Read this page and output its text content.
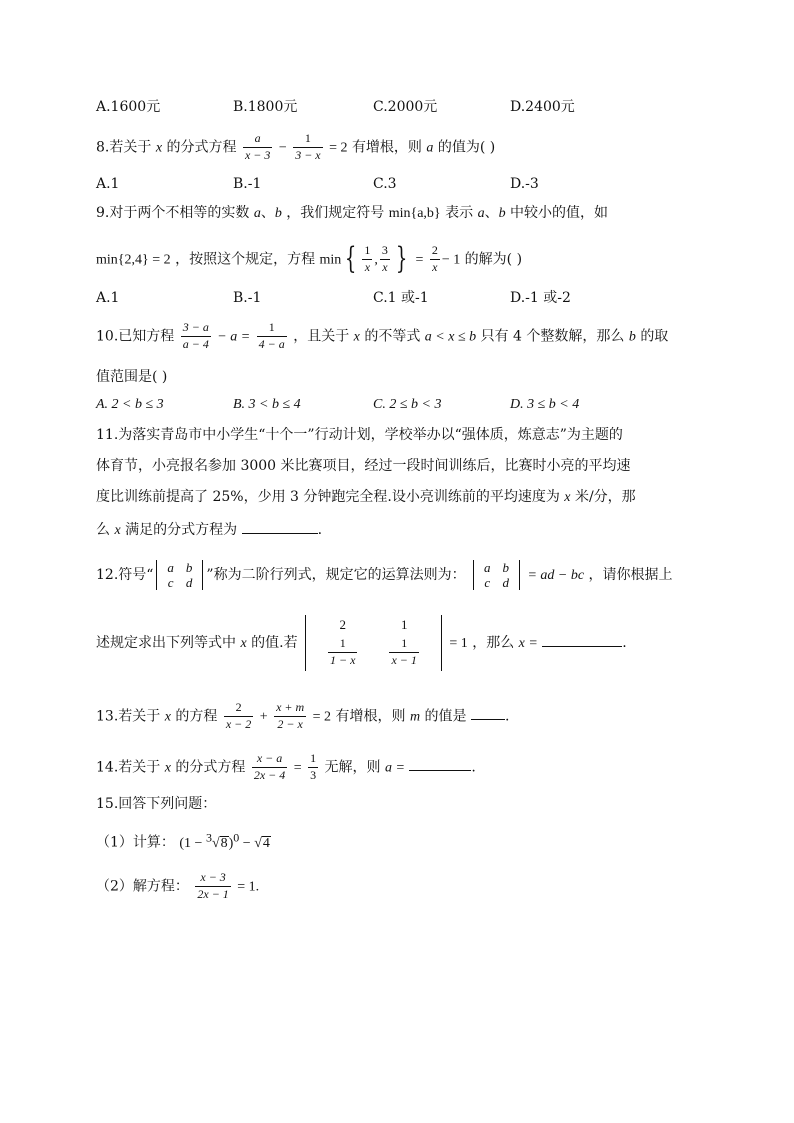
A.1600元	B.1800元	C.2000元	D.2400元
8.若关于 x 的分式方程 $\frac{a}{x - 3} - \frac{1}{3 - x} = 2$ 有增根，则 a 的值为( )
A.1	B.-1	C.3	D.-3
9.对于两个不相等的实数 a、b ，我们规定符号 min{a,b} 表示 a、b 中较小的值，如
min{2,4} = 2 ，按照这个规定，方程 min { $\frac{1}{x}$ , $\frac{3}{x}$ } = $\frac{2}{x} - 1$ 的解为( )
A.1	B.-1	C.1 或-1	D.-1 或-2
10.已知方程 $\frac{3 - a}{a - 4} - a = \frac{1}{4 - a}$ ，且关于 x 的不等式 a < x ≤ b 只有 4 个整数解，那么 b 的取
值范围是( )
A. 2 < b ≤ 3	B. 3 < b ≤ 4	C. 2 ≤ b < 3	D. 3 ≤ b < 4
11.为落实青岛市中小学生“十个一”行动计划，学校举办以“强体质，炼意志”为主题的
体育节，小亮报名参加 3000 米比赛项目，经过一段时间训练后，比赛时小亮的平均速
度比训练前提高了 25%，少用 3 分钟跑完全程.设小亮训练前的平均速度为 x 米/分，那
么 x 满足的分式方程为	.
12.符号“ a	b
c	d ”称为二阶行列式，规定它的运算法则为： a	b
c	d = ad − bc ，请你根据上
述规定求出下列等式中 x 的值.若
2	1

$\frac{1}{1 - x}$	$\frac{1}{x - 1} = 1$ ，那么 x =	.
13.若关于 x 的方程 $\frac{2}{x - 2} + \frac{x + m}{2 - x} = 2$ 有增根，则 m 的值是	.
14.若关于 x 的分式方程 $\frac{x - a}{2x - 4} = \frac{1}{3}$ 无解，则 a =	.
15.回答下列问题：
（1）计算： $(1 - ^3√8)^0 - √4$
（2）解方程： $\frac{x - 3}{2x - 1} = 1$.
